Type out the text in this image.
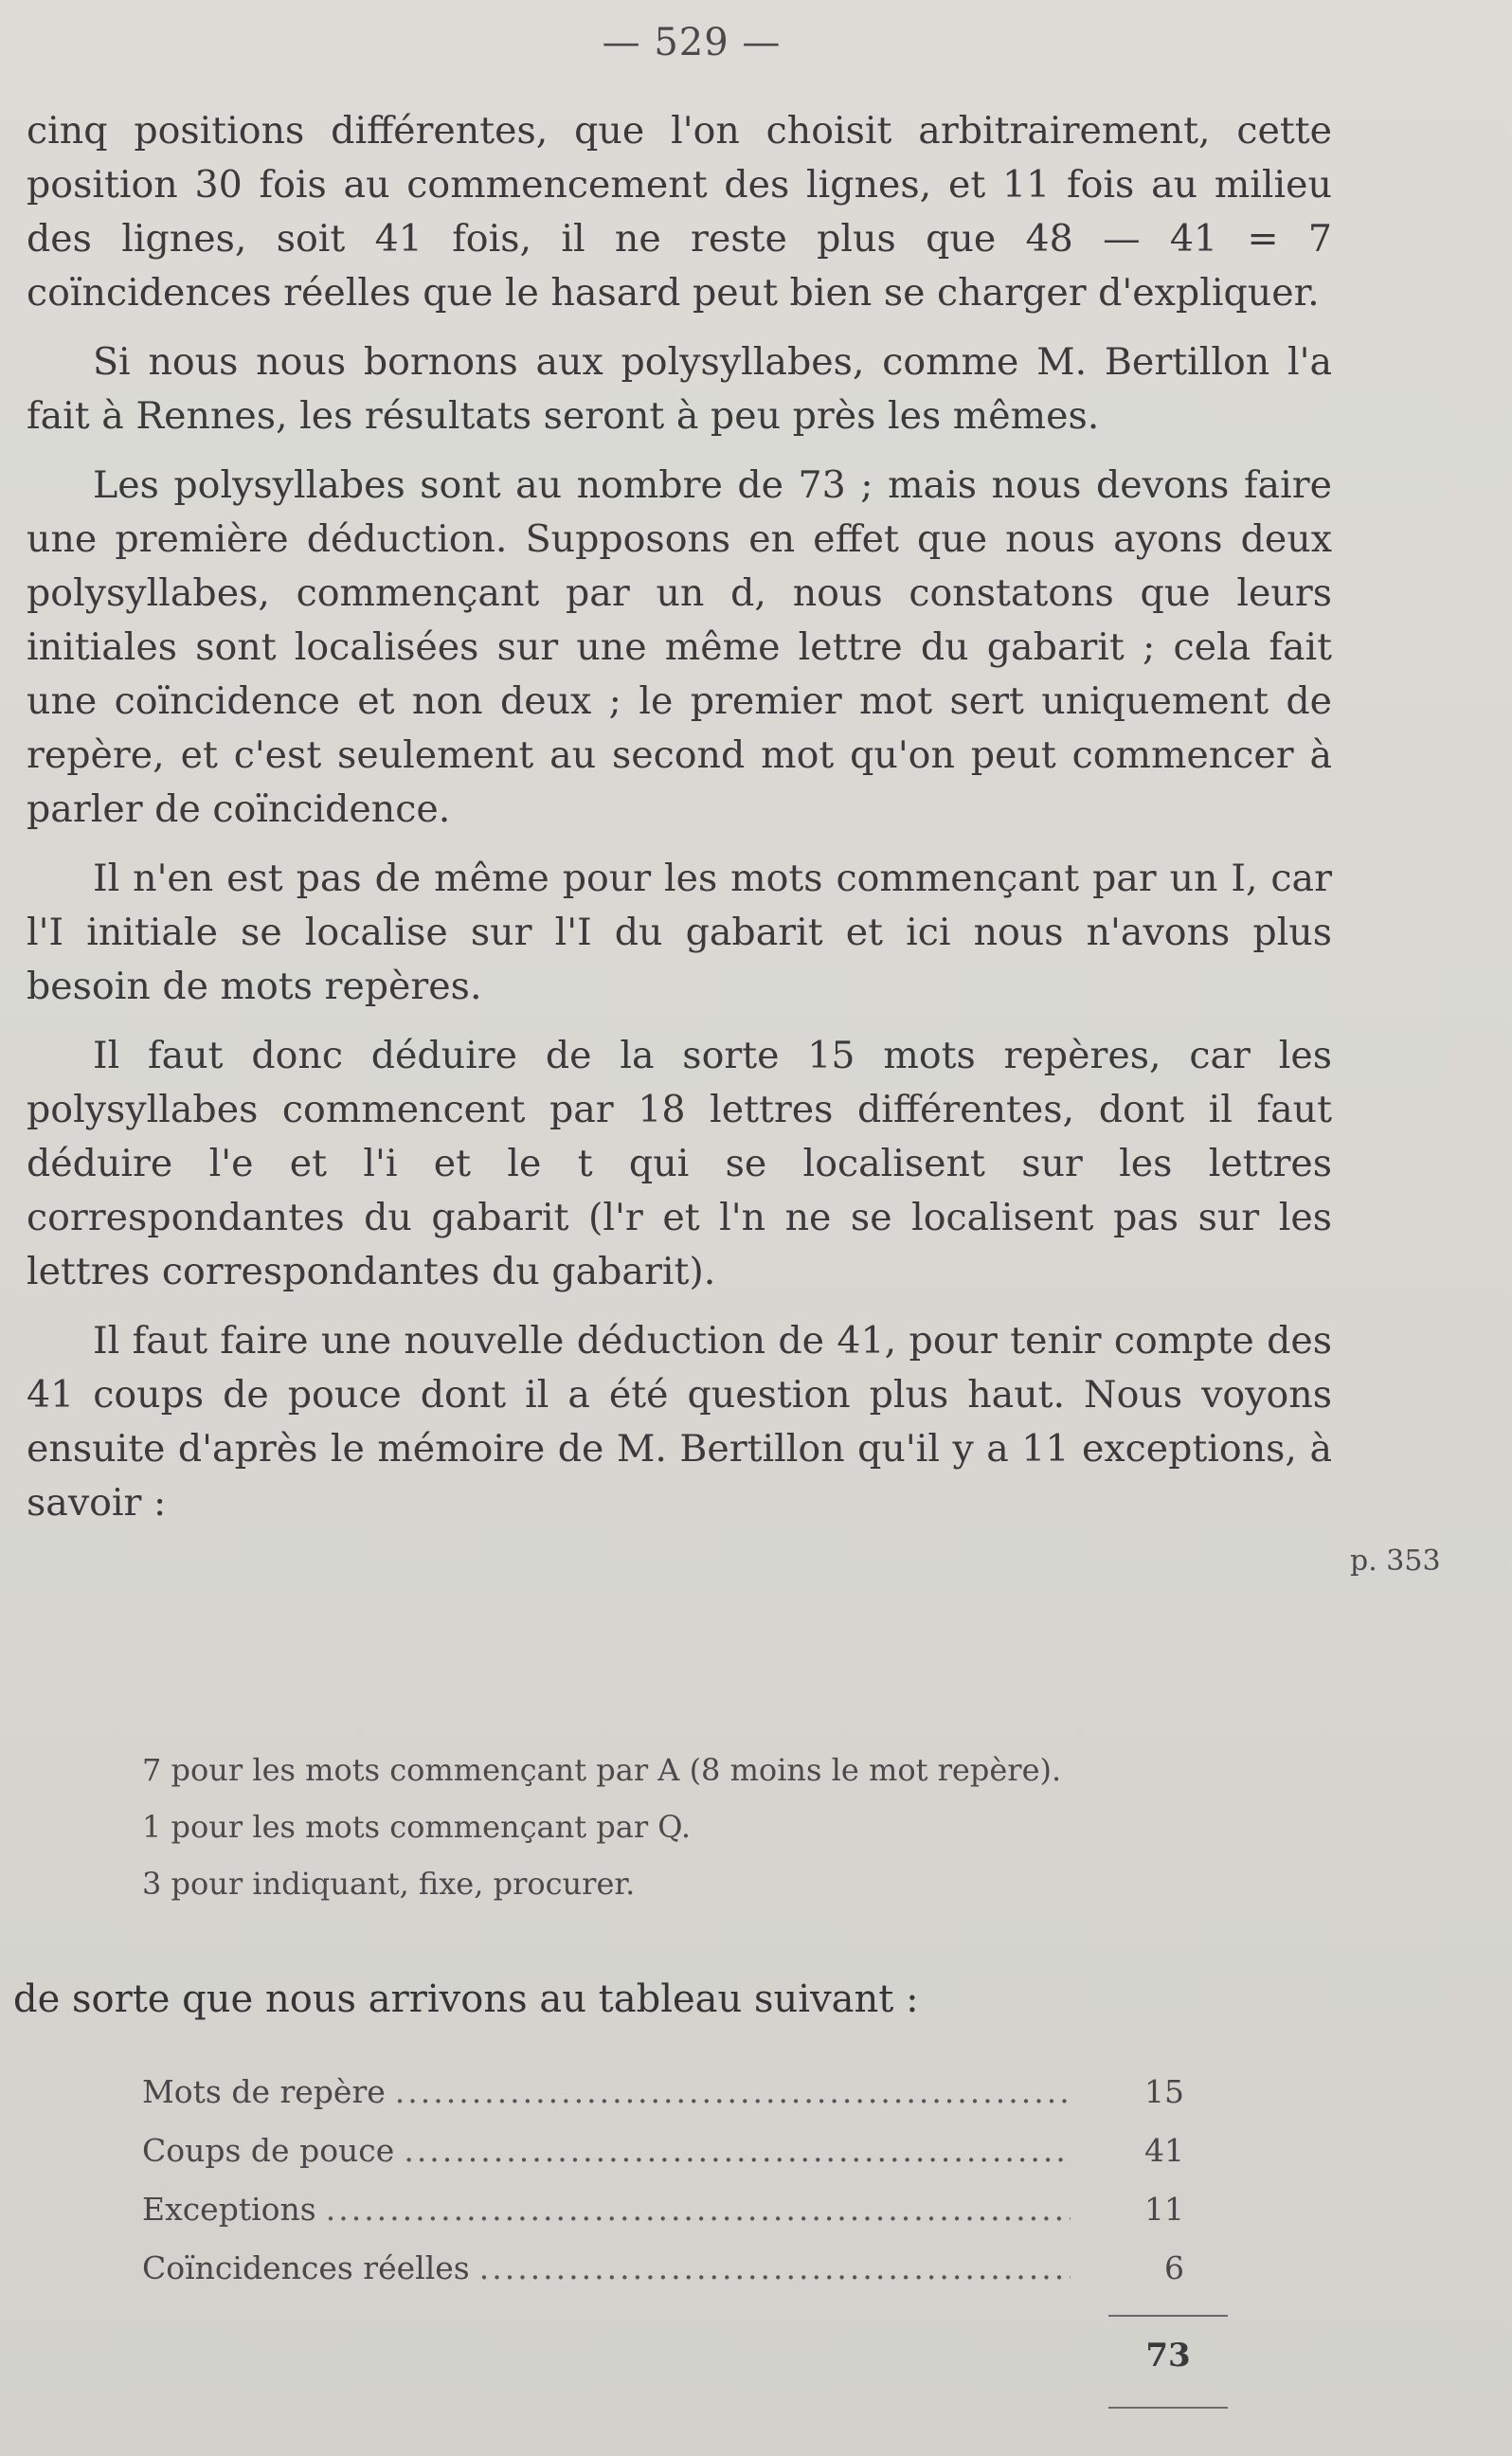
— 529 —

cinq positions différentes, que l'on choisit arbitrairement, cette position 30 fois au commencement des lignes, et 11 fois au milieu des lignes, soit 41 fois, il ne reste plus que 48 — 41 = 7 coïncidences réelles que le hasard peut bien se charger d'expliquer.

Si nous nous bornons aux polysyllabes, comme M. Bertillon l'a fait à Rennes, les résultats seront à peu près les mêmes.

Les polysyllabes sont au nombre de 73 ; mais nous devons faire une première déduction. Supposons en effet que nous ayons deux polysyllabes, commençant par un d, nous constatons que leurs initiales sont localisées sur une même lettre du gabarit ; cela fait une coïncidence et non deux ; le premier mot sert uniquement de repère, et c'est seulement au second mot qu'on peut commencer à parler de coïncidence.

Il n'en est pas de même pour les mots commençant par un I, car l'I initiale se localise sur l'I du gabarit et ici nous n'avons plus besoin de mots repères.

Il faut donc déduire de la sorte 15 mots repères, car les polysyllabes commencent par 18 lettres différentes, dont il faut déduire l'e et l'i et le t qui se localisent sur les lettres correspondantes du gabarit (l'r et l'n ne se localisent pas sur les lettres correspondantes du gabarit).

Il faut faire une nouvelle déduction de 41, pour tenir compte des 41 coups de pouce dont il a été question plus haut. Nous voyons ensuite d'après le mémoire de M. Bertillon qu'il y a 11 exceptions, à savoir :

p. 353
7 pour les mots commençant par A (8 moins le mot repère).
1 pour les mots commençant par Q.
3 pour indiquant, fixe, procurer.
de sorte que nous arrivons au tableau suivant :
Mots de repère .....	15
Coups de pouce .....	41
Exceptions .....	11
Coïncidences réelles .....	6
73
